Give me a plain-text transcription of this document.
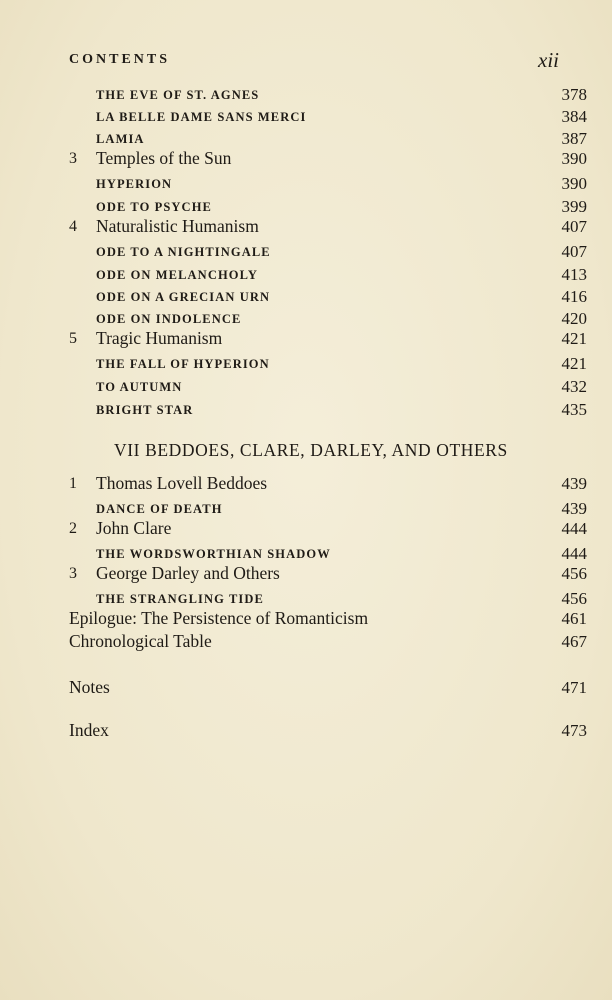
CONTENTS	xii
THE EVE OF ST. AGNES	378
LA BELLE DAME SANS MERCI	384
LAMIA	387
3 Temples of the Sun	390
HYPERION	390
ODE TO PSYCHE	399
4 Naturalistic Humanism	407
ODE TO A NIGHTINGALE	407
ODE ON MELANCHOLY	413
ODE ON A GRECIAN URN	416
ODE ON INDOLENCE	420
5 Tragic Humanism	421
THE FALL OF HYPERION	421
TO AUTUMN	432
BRIGHT STAR	435
VII BEDDOES, CLARE, DARLEY, AND OTHERS
1 Thomas Lovell Beddoes	439
DANCE OF DEATH	439
2 John Clare	444
THE WORDSWORTHIAN SHADOW	444
3 George Darley and Others	456
THE STRANGLING TIDE	456
Epilogue: The Persistence of Romanticism	461
Chronological Table	467
Notes	471
Index	473
